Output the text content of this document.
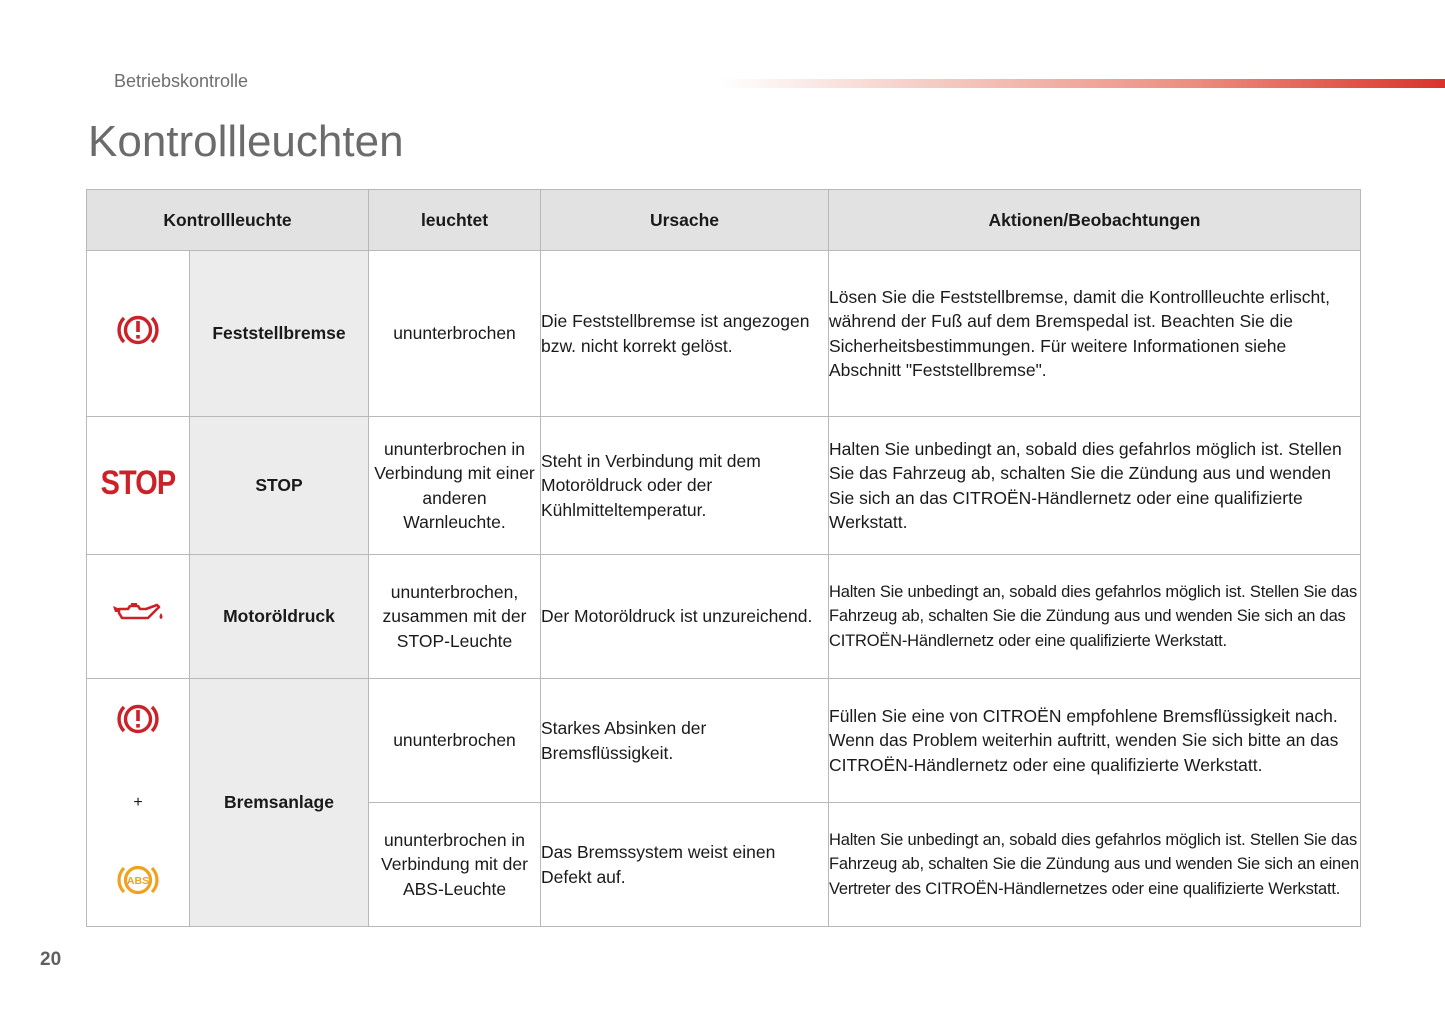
Betriebskontrolle
Kontrollleuchten
Kontrollleuchte		leuchtet	Ursache	Aktionen/Beobachtungen
	Feststellbremse	ununterbrochen	Die Feststellbremse ist angezogen bzw. nicht korrekt gelöst.	Lösen Sie die Feststellbremse, damit die Kontrollleuchte erlischt, während der Fuß auf dem Bremspedal ist. Beachten Sie die Sicherheitsbestimmungen. Für weitere Informationen siehe Abschnitt "Feststellbremse".
STOP	STOP	ununterbrochen in Verbindung mit einer anderen Warnleuchte.	Steht in Verbindung mit dem Motoröldruck oder der Kühlmitteltemperatur.	Halten Sie unbedingt an, sobald dies gefahrlos möglich ist. Stellen Sie das Fahrzeug ab, schalten Sie die Zündung aus und wenden Sie sich an das CITROËN-Händlernetz oder eine qualifizierte Werkstatt.
	Motoröldruck	ununterbrochen, zusammen mit der STOP-Leuchte	Der Motoröldruck ist unzureichend.	Halten Sie unbedingt an, sobald dies gefahrlos möglich ist. Stellen Sie das Fahrzeug ab, schalten Sie die Zündung aus und wenden Sie sich an das CITROËN-Händlernetz oder eine qualifizierte Werkstatt.

+
ABS	Bremsanlage	ununterbrochen	Starkes Absinken der Bremsflüssigkeit.	Füllen Sie eine von CITROËN empfohlene Bremsflüssigkeit nach. Wenn das Problem weiterhin auftritt, wenden Sie sich bitte an das CITROËN-Händlernetz oder eine qualifizierte Werkstatt.
		ununterbrochen in Verbindung mit der ABS-Leuchte	Das Bremssystem weist einen Defekt auf.	Halten Sie unbedingt an, sobald dies gefahrlos möglich ist. Stellen Sie das Fahrzeug ab, schalten Sie die Zündung aus und wenden Sie sich an einen Vertreter des CITROËN-Händlernetzes oder eine qualifizierte Werkstatt.
20
